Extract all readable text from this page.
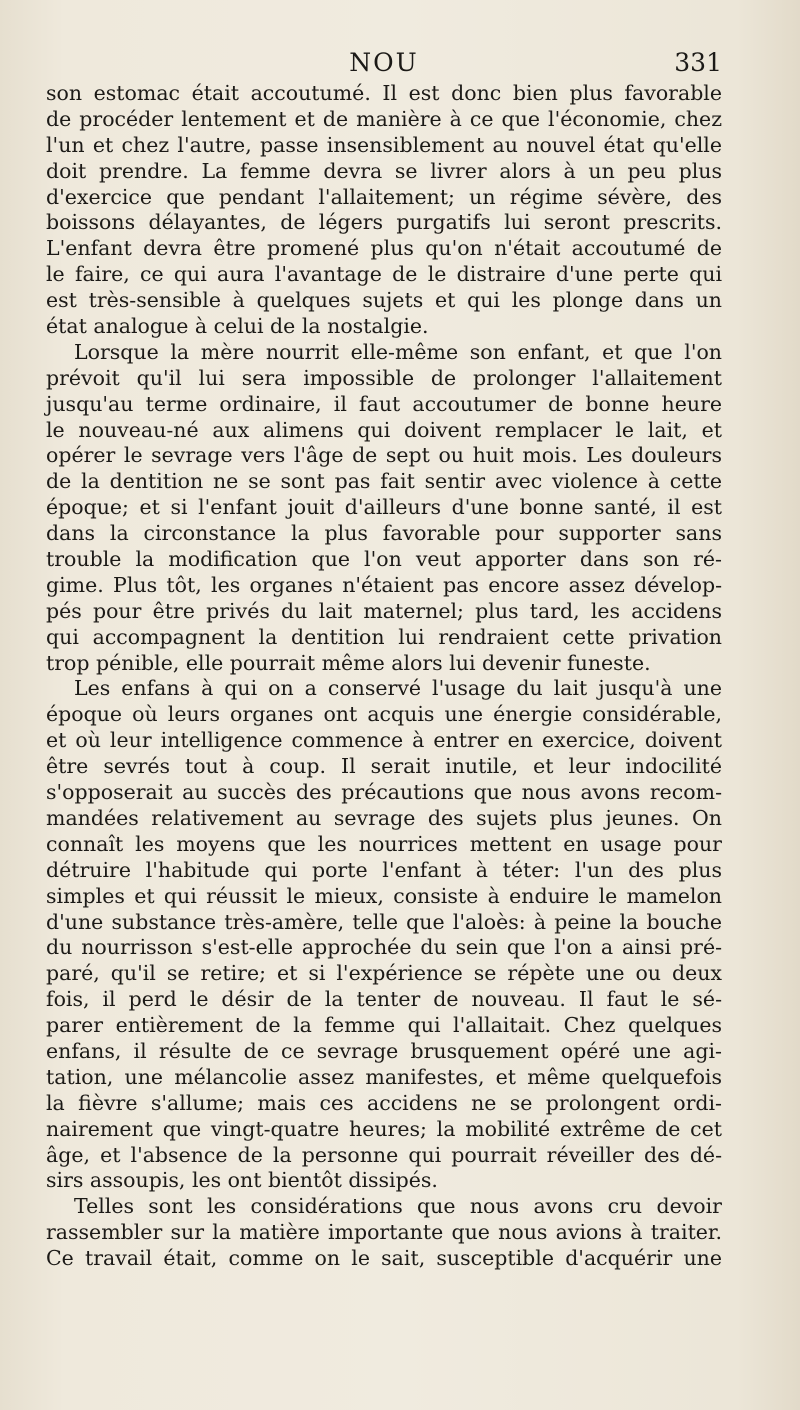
NOU	331
son estomac était accoutumé. Il est donc bien plus favorable
de procéder lentement et de manière à ce que l'économie, chez
l'un et chez l'autre, passe insensiblement au nouvel état qu'elle
doit prendre. La femme devra se livrer alors à un peu plus
d'exercice que pendant l'allaitement; un régime sévère, des
boissons délayantes, de légers purgatifs lui seront prescrits.
L'enfant devra être promené plus qu'on n'était accoutumé de
le faire, ce qui aura l'avantage de le distraire d'une perte qui
est très-sensible à quelques sujets et qui les plonge dans un
état analogue à celui de la nostalgie.
Lorsque la mère nourrit elle-même son enfant, et que l'on
prévoit qu'il lui sera impossible de prolonger l'allaitement
jusqu'au terme ordinaire, il faut accoutumer de bonne heure
le nouveau-né aux alimens qui doivent remplacer le lait, et
opérer le sevrage vers l'âge de sept ou huit mois. Les douleurs
de la dentition ne se sont pas fait sentir avec violence à cette
époque; et si l'enfant jouit d'ailleurs d'une bonne santé, il est
dans la circonstance la plus favorable pour supporter sans
trouble la modification que l'on veut apporter dans son ré-
gime. Plus tôt, les organes n'étaient pas encore assez dévelop-
pés pour être privés du lait maternel; plus tard, les accidens
qui accompagnent la dentition lui rendraient cette privation
trop pénible, elle pourrait même alors lui devenir funeste.
Les enfans à qui on a conservé l'usage du lait jusqu'à une
époque où leurs organes ont acquis une énergie considérable,
et où leur intelligence commence à entrer en exercice, doivent
être sevrés tout à coup. Il serait inutile, et leur indocilité
s'opposerait au succès des précautions que nous avons recom-
mandées relativement au sevrage des sujets plus jeunes. On
connaît les moyens que les nourrices mettent en usage pour
détruire l'habitude qui porte l'enfant à téter: l'un des plus
simples et qui réussit le mieux, consiste à enduire le mamelon
d'une substance très-amère, telle que l'aloès: à peine la bouche
du nourrisson s'est-elle approchée du sein que l'on a ainsi pré-
paré, qu'il se retire; et si l'expérience se répète une ou deux
fois, il perd le désir de la tenter de nouveau. Il faut le sé-
parer entièrement de la femme qui l'allaitait. Chez quelques
enfans, il résulte de ce sevrage brusquement opéré une agi-
tation, une mélancolie assez manifestes, et même quelquefois
la fièvre s'allume; mais ces accidens ne se prolongent ordi-
nairement que vingt-quatre heures; la mobilité extrême de cet
âge, et l'absence de la personne qui pourrait réveiller des dé-
sirs assoupis, les ont bientôt dissipés.
Telles sont les considérations que nous avons cru devoir
rassembler sur la matière importante que nous avions à traiter.
Ce travail était, comme on le sait, susceptible d'acquérir une
